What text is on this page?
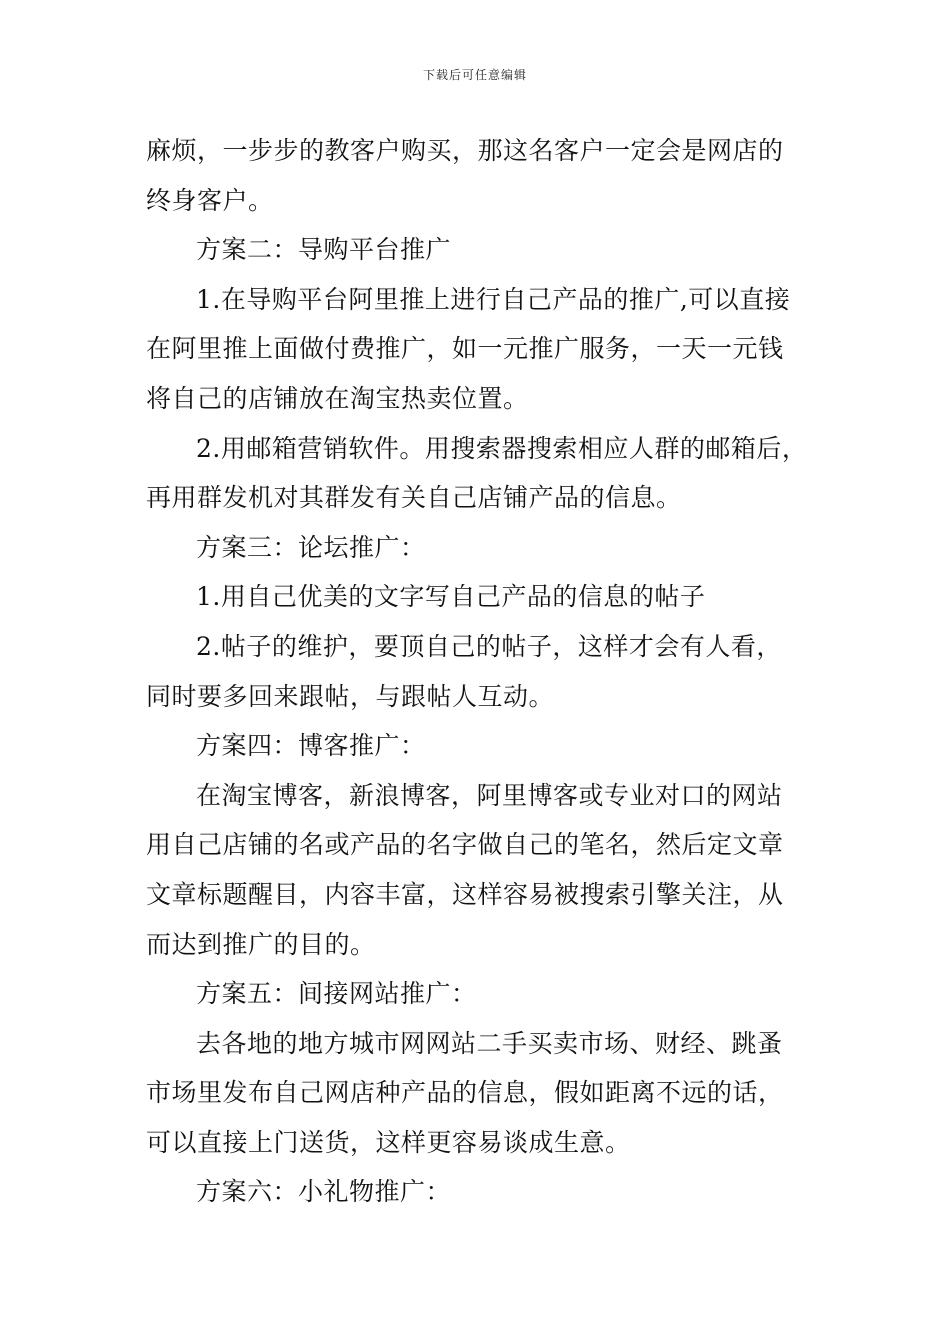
下载后可任意编辑
麻烦，一步步的教客户购买，那这名客户一定会是网店的
终身客户。
方案二：导购平台推广
1.在导购平台阿里推上进行自己产品的推广,可以直接
在阿里推上面做付费推广，如一元推广服务，一天一元钱
将自己的店铺放在淘宝热卖位置。
2.用邮箱营销软件。用搜索器搜索相应人群的邮箱后，
再用群发机对其群发有关自己店铺产品的信息。
方案三：论坛推广：
1.用自己优美的文字写自己产品的信息的帖子
2.帖子的维护，要顶自己的帖子，这样才会有人看，
同时要多回来跟帖，与跟帖人互动。
方案四：博客推广：
在淘宝博客，新浪博客，阿里博客或专业对口的网站
用自己店铺的名或产品的名字做自己的笔名，然后定文章
文章标题醒目，内容丰富，这样容易被搜索引擎关注，从
而达到推广的目的。
方案五：间接网站推广：
去各地的地方城市网网站二手买卖市场、财经、跳蚤
市场里发布自己网店种产品的信息，假如距离不远的话，
可以直接上门送货，这样更容易谈成生意。
方案六：小礼物推广：
